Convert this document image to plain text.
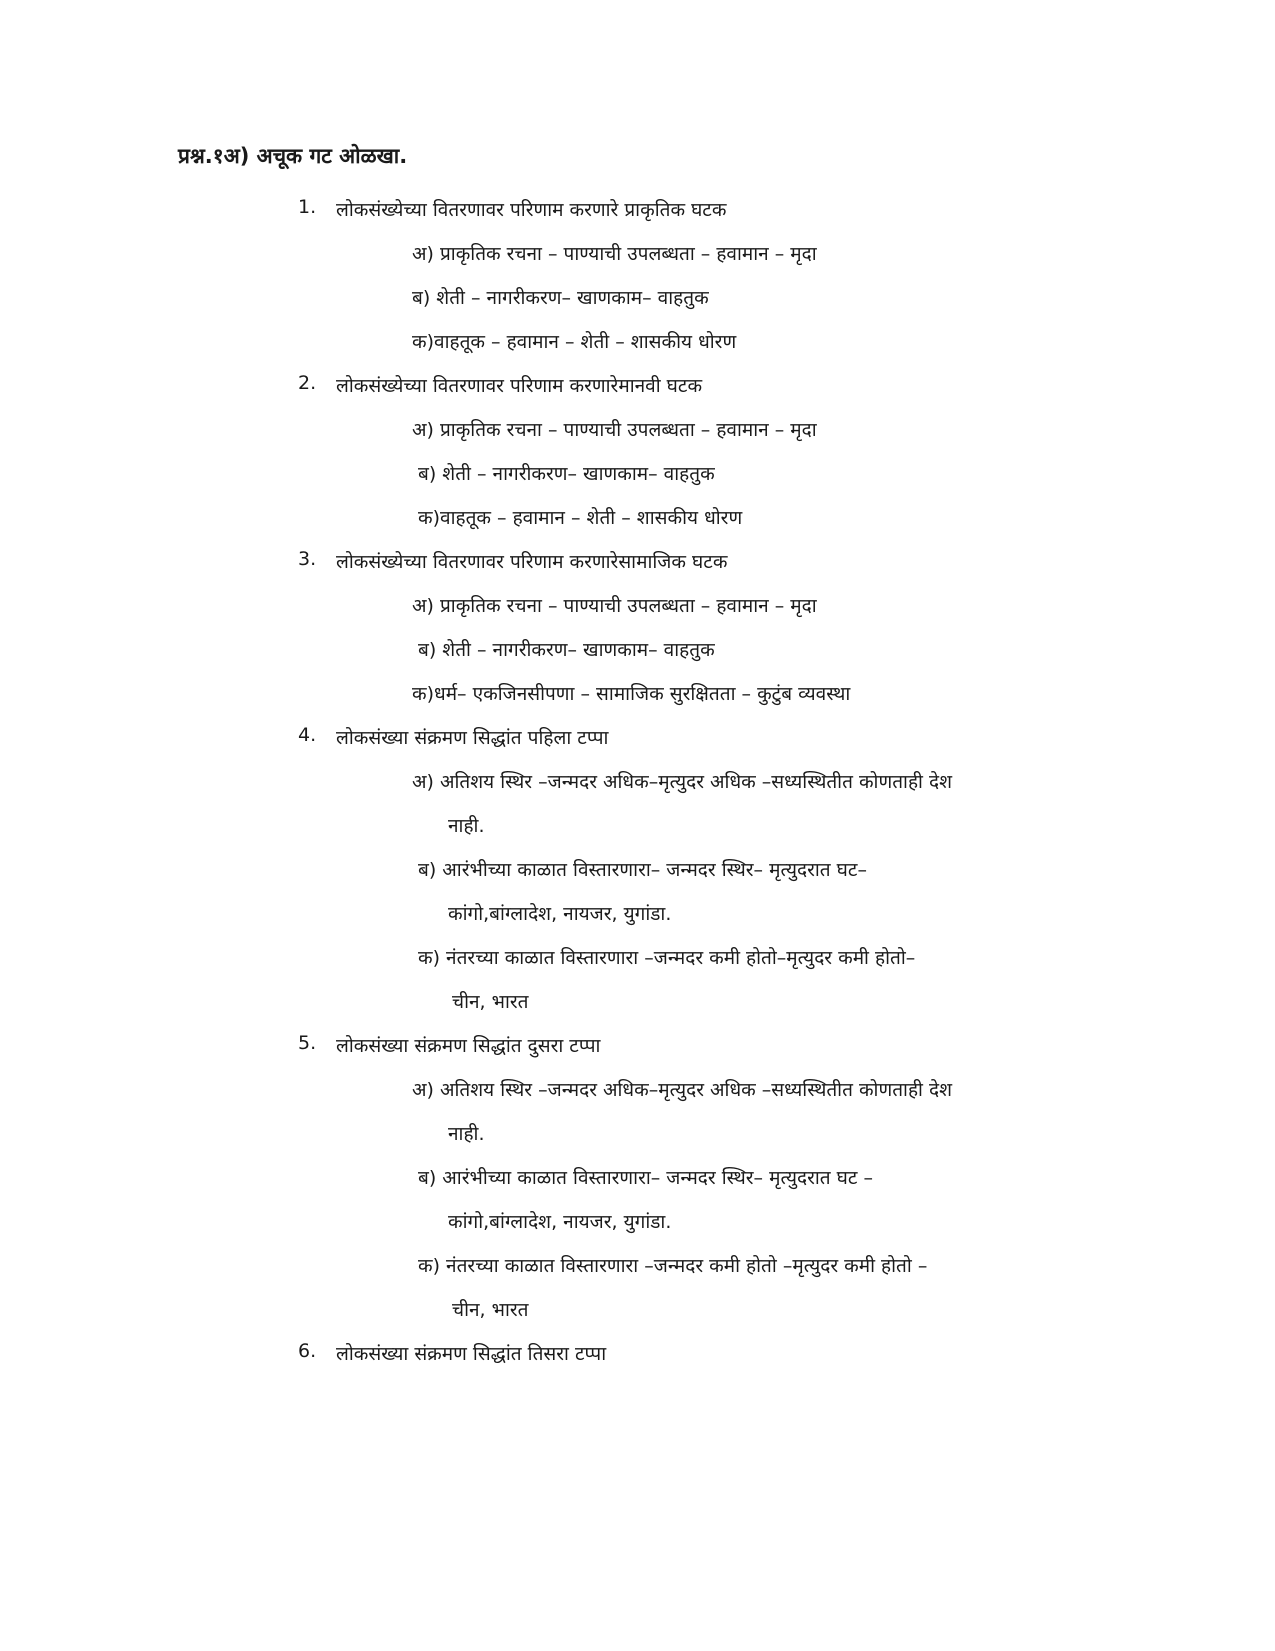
प्रश्न.१अ) अचूक गट ओळखा.
1. लोकसंख्येच्या वितरणावर परिणाम करणारे प्राकृतिक घटक
अ) प्राकृतिक रचना – पाण्याची उपलब्धता – हवामान – मृदा
ब) शेती – नागरीकरण– खाणकाम– वाहतुक
क)वाहतूक – हवामान – शेती – शासकीय धोरण
2. लोकसंख्येच्या वितरणावर परिणाम करणारेमानवी घटक
अ) प्राकृतिक रचना – पाण्याची उपलब्धता – हवामान – मृदा
ब) शेती – नागरीकरण– खाणकाम– वाहतुक
क)वाहतूक – हवामान – शेती – शासकीय धोरण
3. लोकसंख्येच्या वितरणावर परिणाम करणारेसामाजिक घटक
अ) प्राकृतिक रचना – पाण्याची उपलब्धता – हवामान – मृदा
ब) शेती – नागरीकरण– खाणकाम– वाहतुक
क)धर्म– एकजिनसीपणा – सामाजिक सुरक्षितता – कुटुंब व्यवस्था
4. लोकसंख्या संक्रमण सिद्धांत पहिला टप्पा
अ) अतिशय स्थिर –जन्मदर अधिक–मृत्युदर अधिक –सध्यस्थितीत कोणताही देश
नाही.
ब) आरंभीच्या काळात विस्तारणारा– जन्मदर स्थिर– मृत्युदरात घट–
कांगो,बांग्लादेश, नायजर, युगांडा.
क) नंतरच्या काळात विस्तारणारा –जन्मदर कमी होतो–मृत्युदर कमी होतो–
चीन, भारत
5. लोकसंख्या संक्रमण सिद्धांत दुसरा टप्पा
अ) अतिशय स्थिर –जन्मदर अधिक–मृत्युदर अधिक –सध्यस्थितीत कोणताही देश
नाही.
ब) आरंभीच्या काळात विस्तारणारा– जन्मदर स्थिर– मृत्युदरात घट –
कांगो,बांग्लादेश, नायजर, युगांडा.
क) नंतरच्या काळात विस्तारणारा –जन्मदर कमी होतो –मृत्युदर कमी होतो –
चीन, भारत
6. लोकसंख्या संक्रमण सिद्धांत तिसरा टप्पा
